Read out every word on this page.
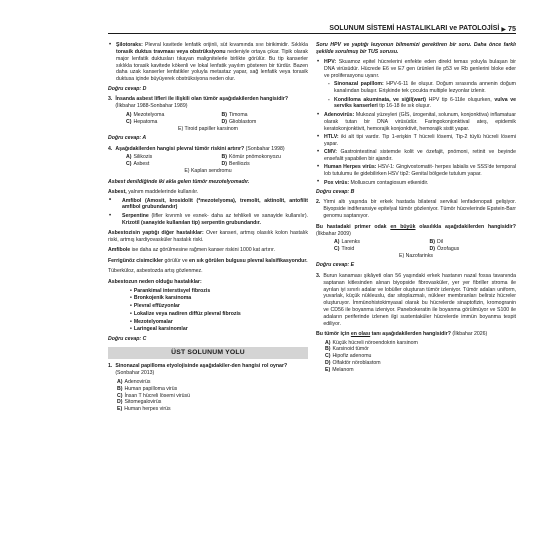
SOLUNUM SİSTEMİ HASTALIKLARI ve PATOLOJİSİ ▶ 75
• Şilotoraks: Plevral kavitede lenfatik orijinli, süt kıvamında sıvı birikimidir. Sıklıkla torasik duktus travması veya obstrüksiyonu nedeniyle ortaya çıkar. Tipik olarak major lenfatik duktusları tıkayan malignitelerle birlikte görülür. Bu tip kanserler sıklıkla torasik kavitede kökenli ve lokal lenfatik yayılım gösteren bir türdür. Bazen daha uzak kanserler lenfatikler yoluyla metastaz yapar, sağ lenfatik veya torasik duktusa içinde büyüyerek obstrüksiyona neden olur.
Doğru cevap: D
3. İnsanda asbest lifleri ile ilişkili olan tümör aşağıdakilerden hangisidir? (İlkbahar 1988-Sonbahar 1989)
A) Mezotelyoma	B) Timoma
C) Hepatoma	D) Glioblastom
E) Tiroid papiller karsinom
Doğru cevap: A
4. Aşağıdakilerden hangisi plevral tümör riskini artırır? (Sonbahar 1998)
A) Silikozis	B) Kömür pnömokonyozu
C) Asbest	D) Beriliozis
E) Kaplan sendromu
Asbest denildiğinde iki akla gelen tümör mezotelyomadır.
Asbest, yalnım maddelerinde kullanılır.
• Amfibol (Amosit, krosidolit (*mezotelyoma), tremolit, aktinolit, antofilit amfibol grubundandır)
• Serpentine (lifler kıvrımlı ve esnek- daha az tehlikeli ve sanayide kullanılır). Krizotil (sanayide kullanılan tip) serpentin grubundandır.
Asbestozisin yaptığı diğer hastalıklar: Over kanseri, artmış olasılık kolon hastalık riski, artmış kardiyovasküler hastalık riski.
Amfibole ise daha az görülmesine rağmen kanser riskini 1000 kat artırır.
Ferrigünöz cisimcikler görülür ve en sık görülen bulgusu plevral kalsifikasyondur.
Tüberküloz, asbestozda artış gözlenmez.
Asbestozun neden olduğu hastalıklar:
• Parankimal interstisyel fibrozis
• Bronkojenik karsinoma
• Plevral effüzyonlar
• Lokalize veya nadiren diffüz plevral fibrozis
• Mezotelyomalar
• Laringeal karsinomlar
Doğru cevap: C
ÜST SOLUNUM YOLU
1. Sinonazal papilloma etyolojisinde aşağıdakiler-den hangisi rol oynar? (Sonbahar 2013)
A) Adenovirüs
B) Human papilloma virüs
C) İnsan T hücreli lösemi virüsü
D) Sitomegalovirüs
E) Human herpes virüs
Soru HPV ve yaptığı lezyonun bilmemizi gerektiren bir soru. Daha önce farklı şekilde sorulmuş bir TUS sorusu.
• HPV: Skuamoz epitel hücrelerini enfekte eden direkt temas yoluyla bulaşan bir DNA virüsüdür. Hücrede E6 ve E7 gen ürünleri ile p53 ve Rb genlerini bloke eder ve proliferasyonu uyarır.
- Sinonazal papillom: HPV-6-11 ile oluşur. Doğum sırasında annenin doğum kanalından bulaşır. Erişkinde tek çocukta multiple lezyonlar izlenir.
- Kondiloma akuminata, ve siğil(wart) HPV tip 6-11ile oluşurken, vulva ve serviks kanserleri tip 16-18 ile sık oluşur.
• Adenovirüs: Mukozal yüzeyleri (GİS, ürogenital, solunum, konjonktiva) inflamatuar olarak tutan bir DNA virüsüdür. Faringokonjonktival ateş, epidemik keratokonjonktivit, hemorajik konjonktivit, hemorajik sistit yapar.
• HTLV: iki alt tipi vardır. Tip 1-erişkin T hücreli lösemi, Tip-2 tüylü hücreli lösemi yapar.
• CMV: Gastrointestinal sistemde kolit ve özefajit, pnömoni, retinit ve beyinde ensefalit yapabilen bir ajandır.
• Human Herpes virüs: HSV-1: Gingivostomatit- herpes labialis ve SSS'de temporal lob tutulumu ile gidebilirken HSV tip2: Genital bölgede tutulum yapar.
• Pox virüs: Molluscum contagiosum etkenidir.
Doğru cevap: B
2. Yirmi altı yaşında bir erkek hastada bilateral servikal lenfadenopati gelişiyor. Biyopside indiferansiye epitelyal tümör gözleniyor. Tümör hücrelerinde Epstein-Barr genomu saptanıyor.
Bu hastadaki primer odak en büyük olasılıkla aşağıdakilerden hangisidir? (İlkbahar 2009)
A) Larenks	B) Dil
C) Tiroid	D) Özofagus
E) Nazofarinks
Doğru cevap: E
3. Burun kanaması şikâyeti olan 56 yaşındaki erkek hastanın nazal fossa tavanında saptanan kitlesinden alınan biyopside fibrovasküler, yer yer fibriller stroma ile ayrılan iyi sınırlı adalar ve lobüller oluşturan tümör izleniyor. Tümör adaları uniform, yuvarlak, küçük nükleuslu, dar sitoplazmalı, nükleer membranları belirsiz hücreler oluşturuyor. İmmünohistokimyasal olarak bu hücrelerde sinaptofizin, kromogranin ve CD56 ile boyanma izleniyor. Panebokeratin ile boyanma görülmüyor ve S100 ile adaların periferinde izlenen ilgi sustentaküler hücrelerde immün boyanma tespit ediliyor.
Bu tümör için en olası tanı aşağıdakilerden hangisidir? (İlkbahar 2026)
A) Küçük hücreli nöroendokrin karsinom
B) Karsinoid tümör
C) Hipofiz adenomu
D) Olfaktör nöroblastom
E) Melanom
